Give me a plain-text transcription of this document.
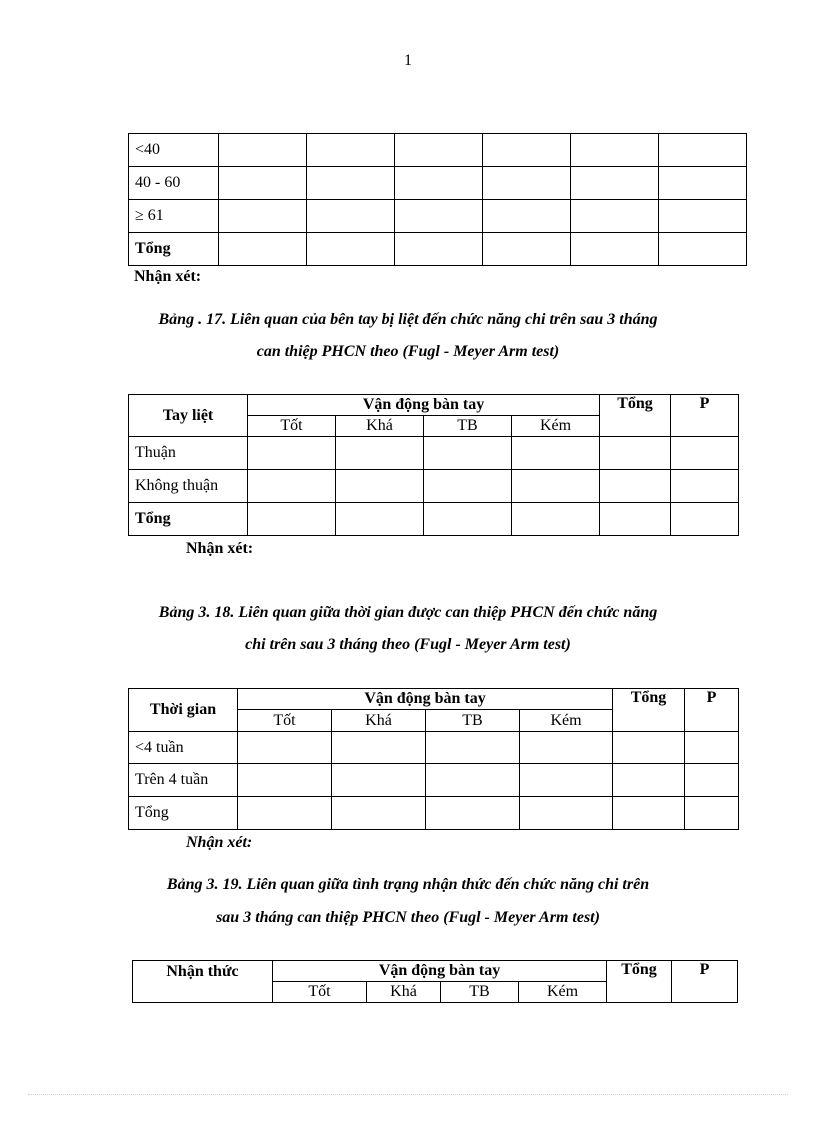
1
<40						
40 - 60						
≥ 61						
Tổng						
Nhận xét:
Bảng . 17. Liên quan của bên tay bị liệt đến chức năng chi trên sau 3 tháng
can thiệp PHCN theo (Fugl - Meyer Arm test)
Tay liệt	Vận động bàn tay				Tổng	P
	Tốt	Khá	TB	Kém		
Thuận						
Không thuận						
Tổng						
Nhận xét:
Bảng 3. 18. Liên quan giữa thời gian được can thiệp PHCN đến chức năng
chi trên sau 3 tháng theo (Fugl - Meyer Arm test)
Thời gian	Vận động bàn tay				Tổng	P
	Tốt	Khá	TB	Kém		
<4 tuần						
Trên 4 tuần						
Tổng						
Nhận xét:
Bảng 3. 19. Liên quan giữa tình trạng nhận thức đến chức năng chi trên
sau 3 tháng can thiệp PHCN theo (Fugl - Meyer Arm test)
Nhận thức	Vận động bàn tay				Tổng	P
	Tốt	Khá	TB	Kém		
